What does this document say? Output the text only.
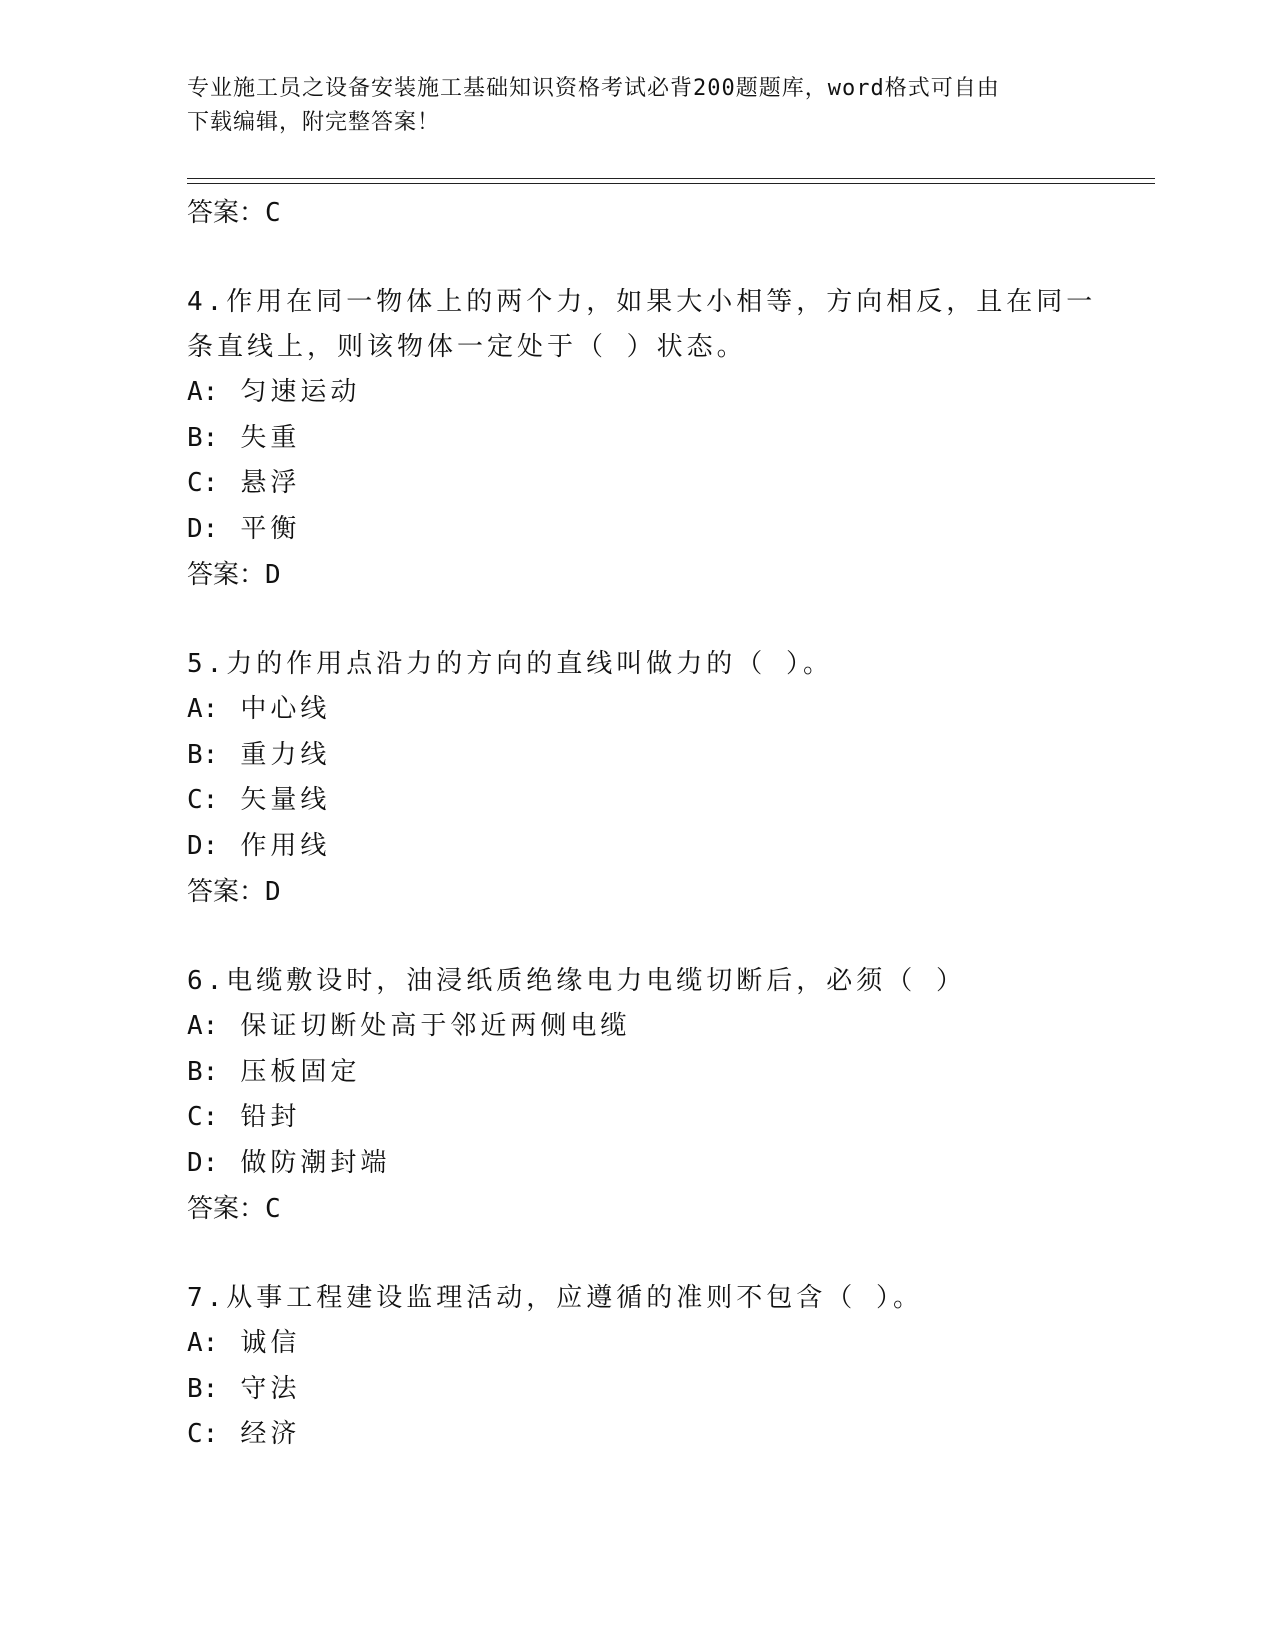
专业施工员之设备安装施工基础知识资格考试必背200题题库，word格式可自由
下载编辑，附完整答案！
答案：C
4.作用在同一物体上的两个力，如果大小相等，方向相反，且在同一
条直线上，则该物体一定处于（ ）状态。
A: 匀速运动
B: 失重
C: 悬浮
D: 平衡
答案：D
5.力的作用点沿力的方向的直线叫做力的（ ）。
A: 中心线
B: 重力线
C: 矢量线
D: 作用线
答案：D
6.电缆敷设时，油浸纸质绝缘电力电缆切断后，必须（ ）
A: 保证切断处高于邻近两侧电缆
B: 压板固定
C: 铅封
D: 做防潮封端
答案：C
7.从事工程建设监理活动，应遵循的准则不包含（ ）。
A: 诚信
B: 守法
C: 经济
